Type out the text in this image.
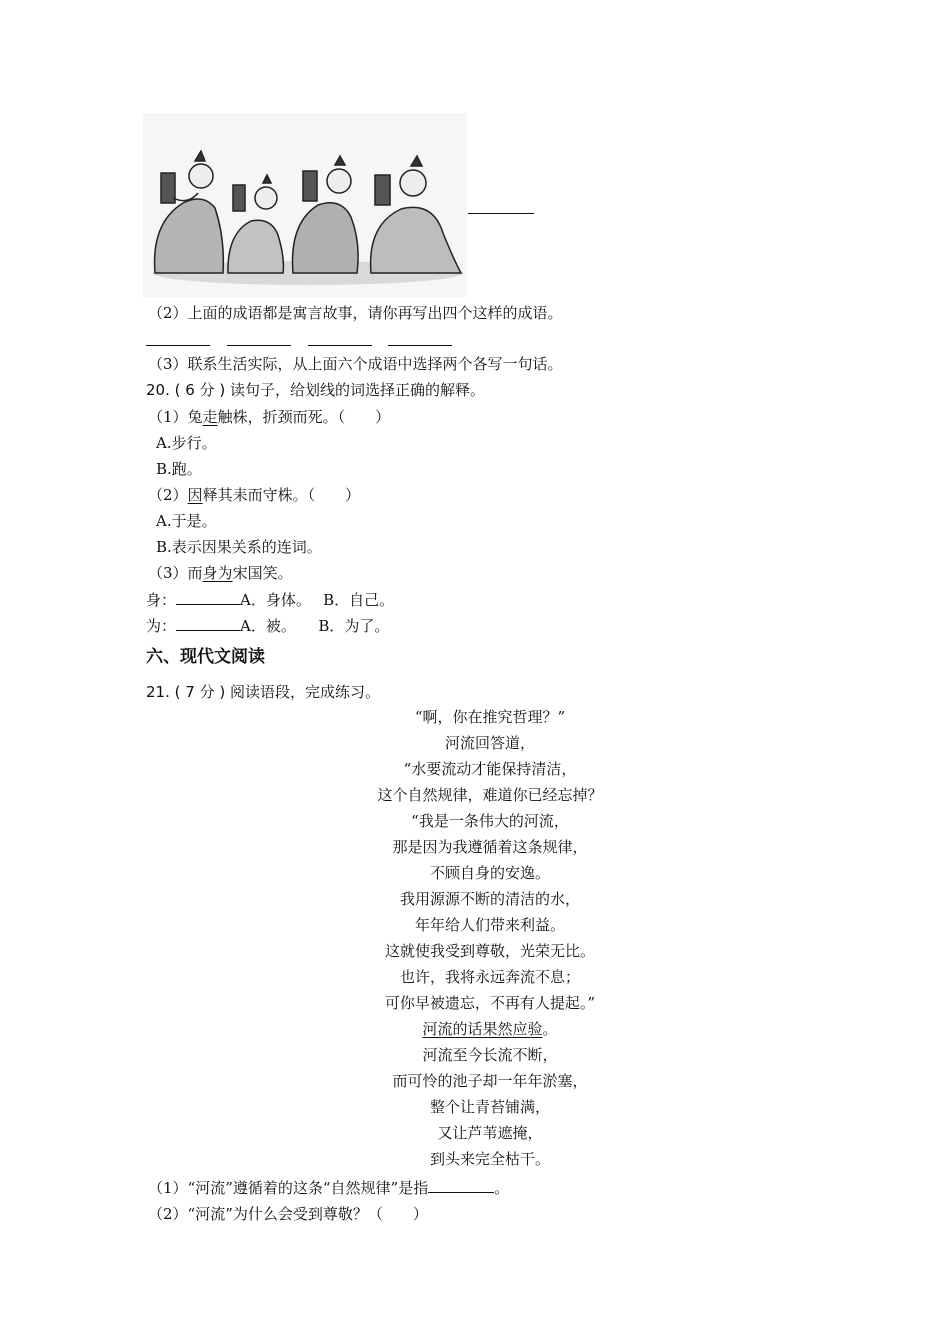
（2）上面的成语都是寓言故事，请你再写出四个这样的成语。

（3）联系生活实际，从上面六个成语中选择两个各写一句话。
20. ( 6 分 ) 读句子，给划线的词选择正确的解释。
（1）兔走触株，折颈而死。（　　）
A.步行。
B.跑。
（2）因释其耒而守株。（　　）
A.于是。
B.表示因果关系的连词。
（3）而身为宋国笑。
身：	A．身体。　 B．自己。
为：	A．被。　　B．为了。
六、现代文阅读
21. ( 7 分 ) 阅读语段，完成练习。
“啊，你在推究哲理？”
河流回答道，
“水要流动才能保持清洁，
这个自然规律，难道你已经忘掉？
“我是一条伟大的河流，
那是因为我遵循着这条规律，
不顾自身的安逸。
我用源源不断的清洁的水，
年年给人们带来利益。
这就使我受到尊敬，光荣无比。
也许，我将永远奔流不息；
可你早被遗忘，不再有人提起。”
河流的话果然应验。
河流至今长流不断，
而可怜的池子却一年年淤塞，
整个让青苔铺满，
又让芦苇遮掩，
到头来完全枯干。
（1）“河流”遵循着的这条“自然规律”是指	。
（2）“河流”为什么会受到尊敬？（　　）
